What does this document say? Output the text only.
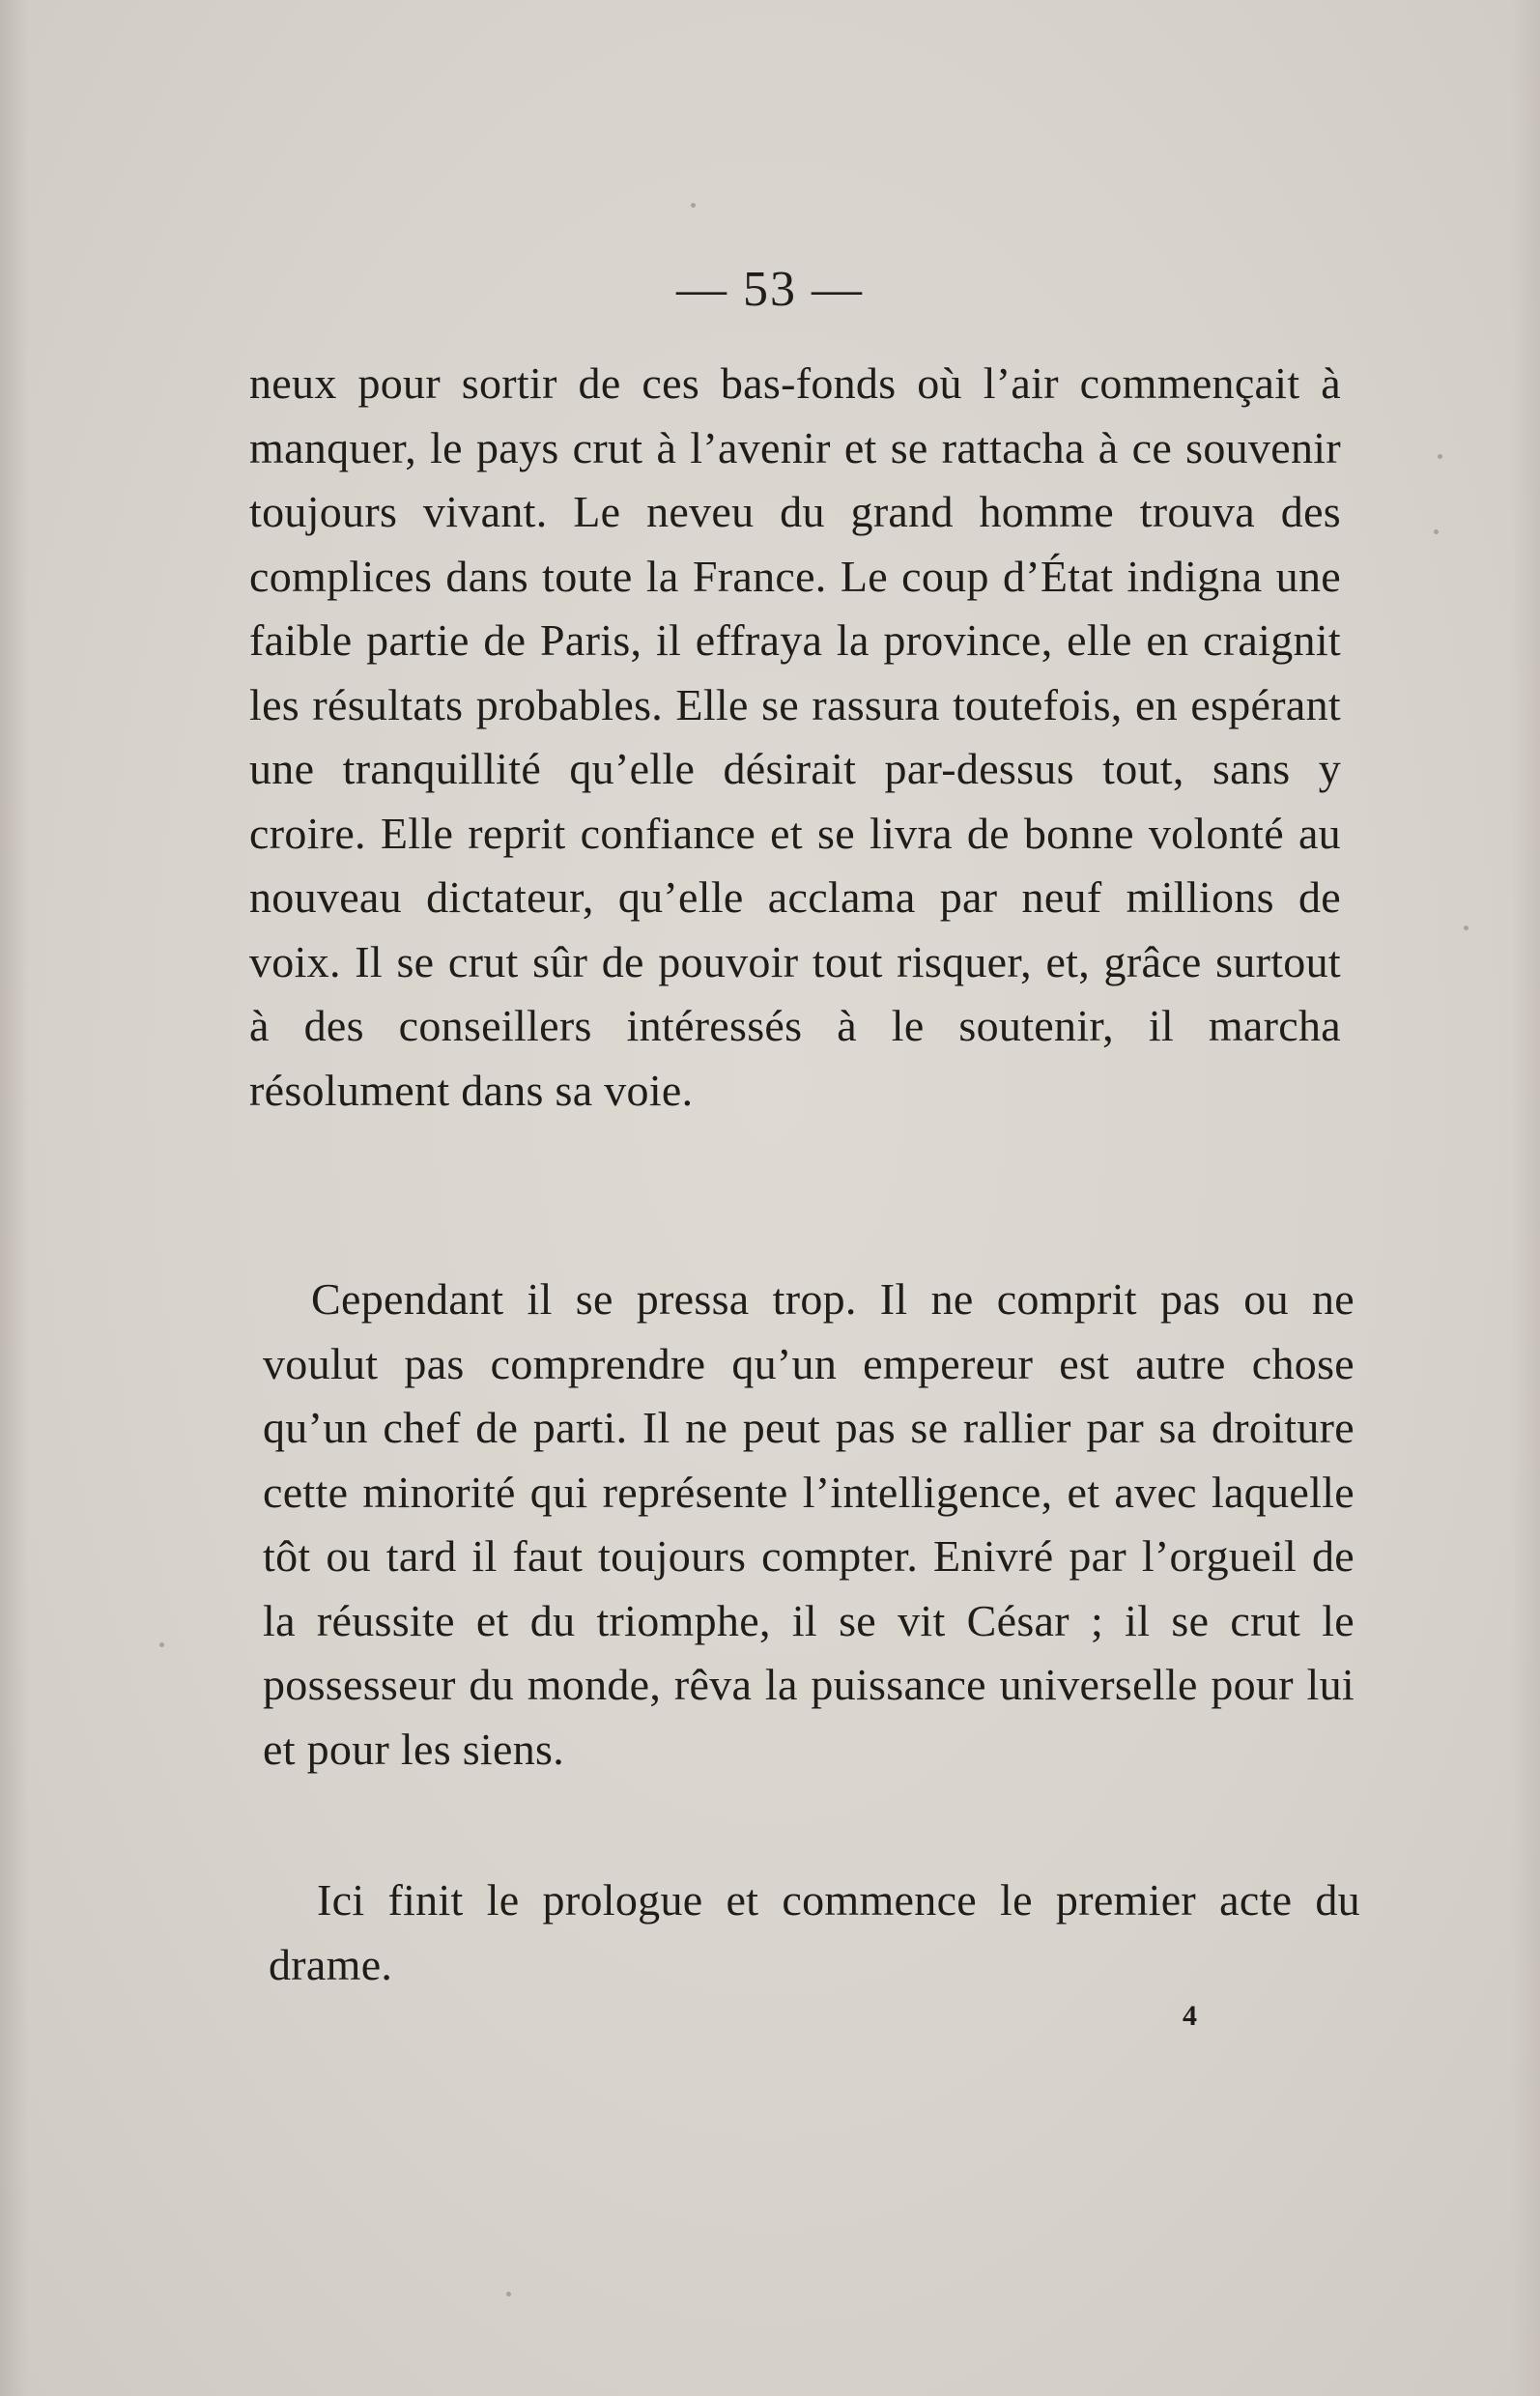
— 53 —

neux pour sortir de ces bas-fonds où l’air commençait à manquer, le pays crut à l’avenir et se rattacha à ce souvenir toujours vivant. Le neveu du grand homme trouva des complices dans toute la France. Le coup d’État indigna une faible partie de Paris, il effraya la province, elle en craignit les résultats probables. Elle se rassura toutefois, en espérant une tranquillité qu’elle désirait par-dessus tout, sans y croire. Elle reprit confiance et se livra de bonne volonté au nouveau dictateur, qu’elle acclama par neuf millions de voix. Il se crut sûr de pouvoir tout risquer, et, grâce surtout à des conseillers intéressés à le soutenir, il marcha résolument dans sa voie.

Cependant il se pressa trop. Il ne comprit pas ou ne voulut pas comprendre qu’un empereur est autre chose qu’un chef de parti. Il ne peut pas se rallier par sa droiture cette minorité qui représente l’intelligence, et avec laquelle tôt ou tard il faut toujours compter. Enivré par l’orgueil de la réussite et du triomphe, il se vit César ; il se crut le possesseur du monde, rêva la puissance universelle pour lui et pour les siens.

Ici finit le prologue et commence le premier acte du drame.

4
